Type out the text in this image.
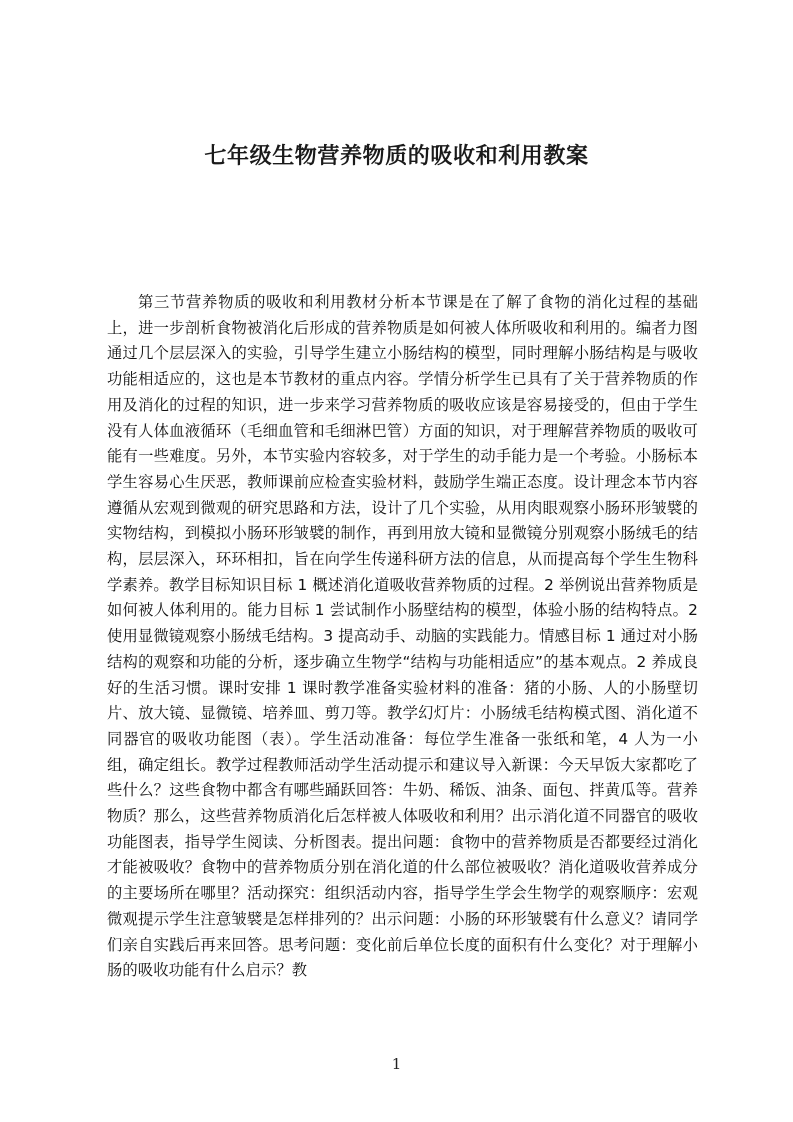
七年级生物营养物质的吸收和利用教案

第三节营养物质的吸收和利用教材分析本节课是在了解了食物的消化过程的基础上，进一步剖析食物被消化后形成的营养物质是如何被人体所吸收和利用的。编者力图通过几个层层深入的实验，引导学生建立小肠结构的模型，同时理解小肠结构是与吸收功能相适应的，这也是本节教材的重点内容。学情分析学生已具有了关于营养物质的作用及消化的过程的知识，进一步来学习营养物质的吸收应该是容易接受的，但由于学生没有人体血液循环（毛细血管和毛细淋巴管）方面的知识，对于理解营养物质的吸收可能有一些难度。另外，本节实验内容较多，对于学生的动手能力是一个考验。小肠标本学生容易心生厌恶，教师课前应检查实验材料，鼓励学生端正态度。设计理念本节内容遵循从宏观到微观的研究思路和方法，设计了几个实验，从用肉眼观察小肠环形皱襞的实物结构，到模拟小肠环形皱襞的制作，再到用放大镜和显微镜分别观察小肠绒毛的结构，层层深入，环环相扣，旨在向学生传递科研方法的信息，从而提高每个学生生物科学素养。教学目标知识目标 1 概述消化道吸收营养物质的过程。2 举例说出营养物质是如何被人体利用的。能力目标 1 尝试制作小肠壁结构的模型，体验小肠的结构特点。2 使用显微镜观察小肠绒毛结构。3 提高动手、动脑的实践能力。情感目标 1 通过对小肠结构的观察和功能的分析，逐步确立生物学“结构与功能相适应”的基本观点。2 养成良好的生活习惯。课时安排 1 课时教学准备实验材料的准备：猪的小肠、人的小肠壁切片、放大镜、显微镜、培养皿、剪刀等。教学幻灯片：小肠绒毛结构模式图、消化道不同器官的吸收功能图（表）。学生活动准备：每位学生准备一张纸和笔，4 人为一小组，确定组长。教学过程教师活动学生活动提示和建议导入新课：今天早饭大家都吃了些什么？这些食物中都含有哪些踊跃回答：牛奶、稀饭、油条、面包、拌黄瓜等。营养物质？那么，这些营养物质消化后怎样被人体吸收和利用？出示消化道不同器官的吸收功能图表，指导学生阅读、分析图表。提出问题：食物中的营养物质是否都要经过消化才能被吸收？食物中的营养物质分别在消化道的什么部位被吸收？消化道吸收营养成分的主要场所在哪里？活动探究：组织活动内容，指导学生学会生物学的观察顺序：宏观微观提示学生注意皱襞是怎样排列的？出示问题：小肠的环形皱襞有什么意义？请同学们亲自实践后再来回答。思考问题：变化前后单位长度的面积有什么变化？对于理解小肠的吸收功能有什么启示？教

1
